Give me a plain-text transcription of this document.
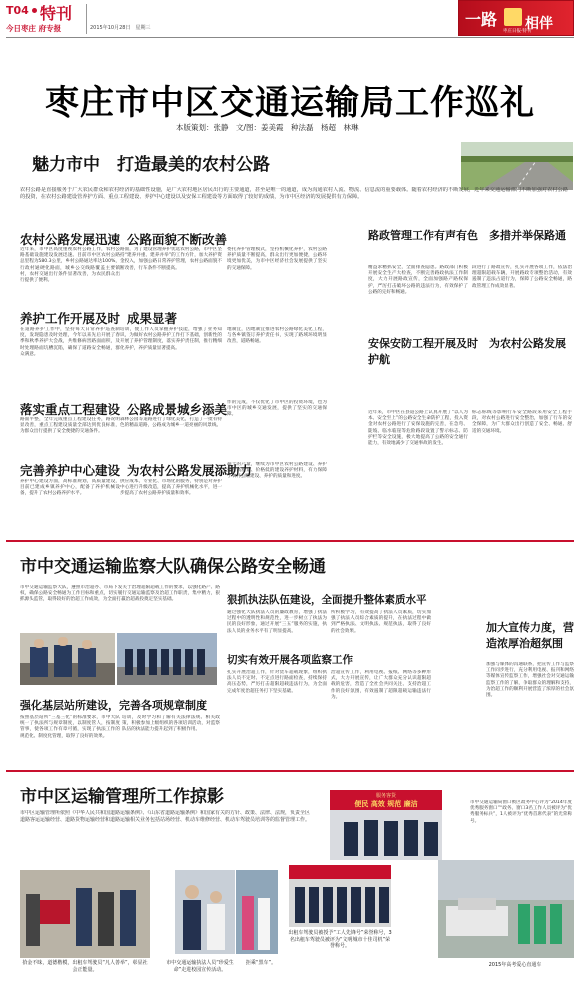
T04 特刊
今日枣庄 府专报	2015年10月28日　星期三	一路 相伴
枣庄日报·特刊
枣庄市中区交通运输局工作巡礼
本版策划：张静　文/图：姜美霞　种法磊　杨超　林琳
魅力市中　打造最美的农村公路
农村公路是直接服务于广大农民群众和农村经济的基础性设施，是广大农村地区居民出行的主要通道，甚至是唯一的通道，成为沟通农村人流、物流、信息流的重要载体。随着农村经济的不断发展，近年来交通运输部门不断加强对农村公路的投资，在农村公路建设管养护方面、重点工程建设、养护中心建设以及安保工程建设等方面取得了较好的成绩，为市中区经济的发展提供有力保障。
农村公路发展迅速
近年来，市中区高度重视农村公路工作，农村公路基础设施建设发展迅速。目前市中区农村公路总里程为580.3公里，乡村公路通达率达100%，行政村通硬化路面，城乡公交线路覆盖主要镇村，农村交通出行条件显著改善，为农民群众出行提供了便利。
养护工作开展及时
在道路养护工作中，坚持每天日常养护巡查制度，发现隐患及时处理，今年以来先后开展了春季和秋季养护大会战，共维修病害路面面积，及时处理路面坑槽沉陷，确保了道路安全畅通，群众满意。
落实重点工程建设
路面平整，全年完成重点工程建设任务，路况明显改善，重点工程建设质量全部达到优良标准，为群众出行提供了安全便捷的交通条件。
完善养护中心建设
养护中心建设方面，高标准规划，高质量建设，目前已建成乡镇养护中心，配备了养护机械设备，提升了农村公路养护水平。
公路面貌不断改善
路面，为了建设管理养护优选农村公路，市中区坚持“建养并重、建养并举”的工作方针，加大养护资金投入，加强公路日常养护管理，农村公路面貌不断改善，行车条件不断提高。
成果显著
培训，使工作人员掌握养护技能，增强了业务知识，为做好农村公路养护工作打下基础，创新性的开展了养护管理制度，落实养护责任制，推行精细化养护，养护质量显著提高。
公路成景城乡添美
森林公园等道路进行了绿化美化，打造了一批有特色的精品道路，公路成为城乡一道亮丽的风景线。
为农村公路发展添助力
供应成本，专业化、市场化的服务，特别是对养护中心进行升级改造，提高了养护机械化水平，进一步提高了农村公路养护质量和效率。
委托养护管理模式，坚持机械化养护，农村公路养护质量不断提高，群众出行更加便捷，公路环境更加优美，为市中区经济社会发展提供了坚实的交通保障。
地制宜，因地制宜推进农村公路绿化美化工程，与各乡镇签订养护责任书，实现了路域环境明显改善，道路畅通。
作的完成，不仅优化了市中区的投资环境，也为市中区的城乡交通发展，提供了坚实的交通保障。
凝土的产量，继续为市中区农村公路建设、养护提供高质量、价格低的建设养护材料，有力保障了农村公路建设、养护的质量和进度。
路政管理工作有声有色　多措并举保路通
精益求精抓安全，全面排查隐患。路政部门积极开展安全生产大检查，不断完善路政执法工作制度，大力开展路政宣传，全面加强路产路权保护，严厉打击破坏公路的违法行为，有效保护了公路的完好和畅通。
段进行了路政宣传，扎实开展各项工作，依法治理超限超载车辆，开展路政专项整治活动，有效遏制了违法占道行为，保障了公路安全畅通，路政管理工作成效显著。
安保安防工程开展及时　为农村公路发展护航
近年来，市中区在县道公路上认真开展了“以人为本、安全至上”的公路安全生命防护工程，投入资金对农村公路进行了安保设施的完善，在急弯、陡坡、临水临崖等危险路段设置了警示标志、防护栏等安全设施，极大地提高了公路的安全通行能力，有效地减少了交通事故的发生。
标志标线等影响行车安全路段采用安全工程手段，对农村公路进行安全整治，加强了行车的安全保障，为广大群众出行创造了安全、畅通、舒适的交通环境。
市中交通运输监察大队确保公路安全畅通
市中交通运输监察大队，遵照市治超办、市局下发关于治理超限超载工作的要求，以强化路产、路权，确保公路安全畅通为工作目标和重点，切实履行交通运输监察及治超工作职责，集中精力，狠抓源头监管，取得较好的治超工作成效，为全面打赢治超战役奠定坚实基础。
强化基层站所建设，完善各项规章制度
按照基层站所“三基三化”的标准要求，市中大队统一了执法所与规章制度，以制度管人，按制度管事，使各项工作有章可循，实现了执法工作的规范化、制度化管理，取得了良好的效果。
培训，及时学习和了解有关法律法规、相关政策，积极参加上级组织的各项培训活动，对监察队伍的执法能力提升起到了积极作用。
狠抓执法队伍建设，全面提升整体素质水平
通过强化大队执法人员的廉政教育，增强了执法过程中的透明性和规范性，进一步树立了执法为民的良好形象，通过开展“三五”服务的实施，执法人员的业务水平有了明显提高。
所积极学习，有效提高了执法人员素质，切实加强了执法人员综合素质的提升，在执法过程中做到严格执法、文明执法、规范执法，取得了良好的社会效果。
切实有效开展各项监察工作
扎实开展治超工作，针对货车超载现象，组织执法人员不定时、不定点进行路面检查，持续保持高压态势，严厉打击超限超载违法行为，为全面完成年度治超任务打下坚实基础。
治超宣传工作，利用电视、报纸、网络等多种形式，大力开展宣传，让广大群众充分认识超限超载的危害，营造了全社会共同关注、支持治超工作的良好氛围，有效遏制了超限超载运输违法行为。
加大宣传力度，营造浓厚治超氛围
加强与媒体的沟通联系，把宣传工作与监察工作同步进行，充分利用电视、报刊和网络等媒体宣传监察工作，增强社会对交通运输监察工作的了解，争取群众的理解和支持，为治超工作的顺利开展营造了浓厚的社会氛围。
市中区运输管理所工作掠影
市中区运输管理所依照《中华人民共和国道路运输条例》、《山东省道路运输条例》和国家有关的方针、政策、法律、法规，负责全区道路客运运输经营、道路货物运输经营和道路运输相关业务包括站场经营、机动车维修经营、机动车驾驶员培训等的监督管理工作。
服务客货
便民 高效 规范 廉洁	市中交通运输局窗口被区政务中心评为“2014年度优秀服务窗口”“政务、窗口3名工作人员被评为“优秀服务标兵”，1人被评为“优秀首席代表”的光荣称号。
拾金不昧，道德楷模，出租车驾驶员“凡人善举”，彰显社会正能量。
市中交通运输执法人员“珍爱生命”走进校园宣传活动。
拒乘“黑车”。
出租车驾驶员被授予“工人先锋号”荣誉称号，3名出租车驾驶员被评为“文明城市十佳司机”荣誉称号。
2015年高考爱心直通车
